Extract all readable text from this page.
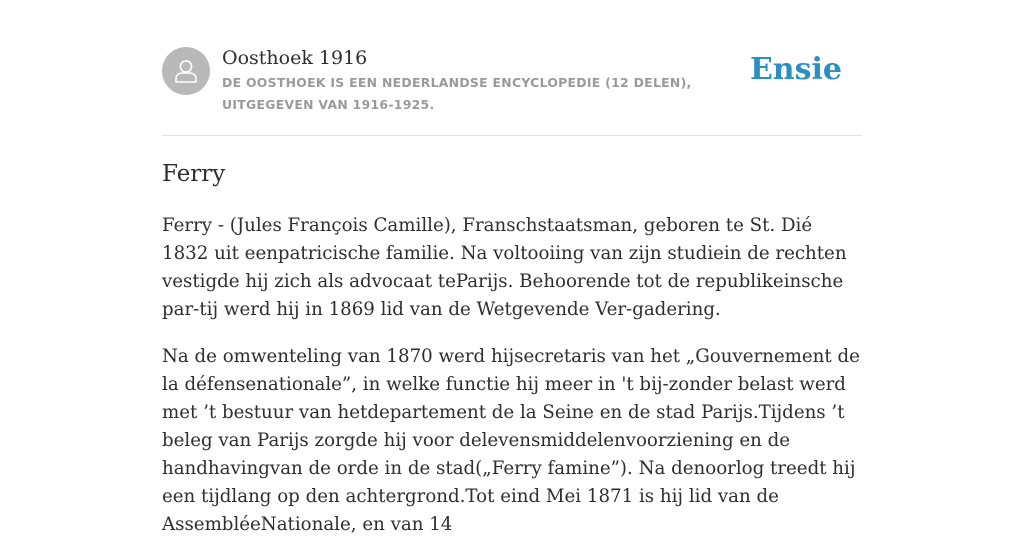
Oosthoek 1916
DE OOSTHOEK IS EEN NEDERLANDSE ENCYCLOPEDIE (12 DELEN), UITGEGEVEN VAN 1916-1925.
Ensie
Ferry

Ferry - (Jules François Camille), Franschstaatsman, geboren te St. Dié 1832 uit eenpatricische familie. Na voltooiing van zijn studiein de rechten vestigde hij zich als advocaat teParijs. Behoorende tot de republikeinsche par-tij werd hij in 1869 lid van de Wetgevende Ver-gadering.

Na de omwenteling van 1870 werd hijsecretaris van het „Gouvernement de la défensenationale”, in welke functie hij meer in 't bij-zonder belast werd met ’t bestuur van hetdepartement de la Seine en de stad Parijs.Tijdens ’t beleg van Parijs zorgde hij voor delevensmiddelenvoorziening en de handhavingvan de orde in de stad(„Ferry famine”). Na denoorlog treedt hij een tijdlang op den achtergrond.Tot eind Mei 1871 is hij lid van de AssembléeNationale, en van 14
